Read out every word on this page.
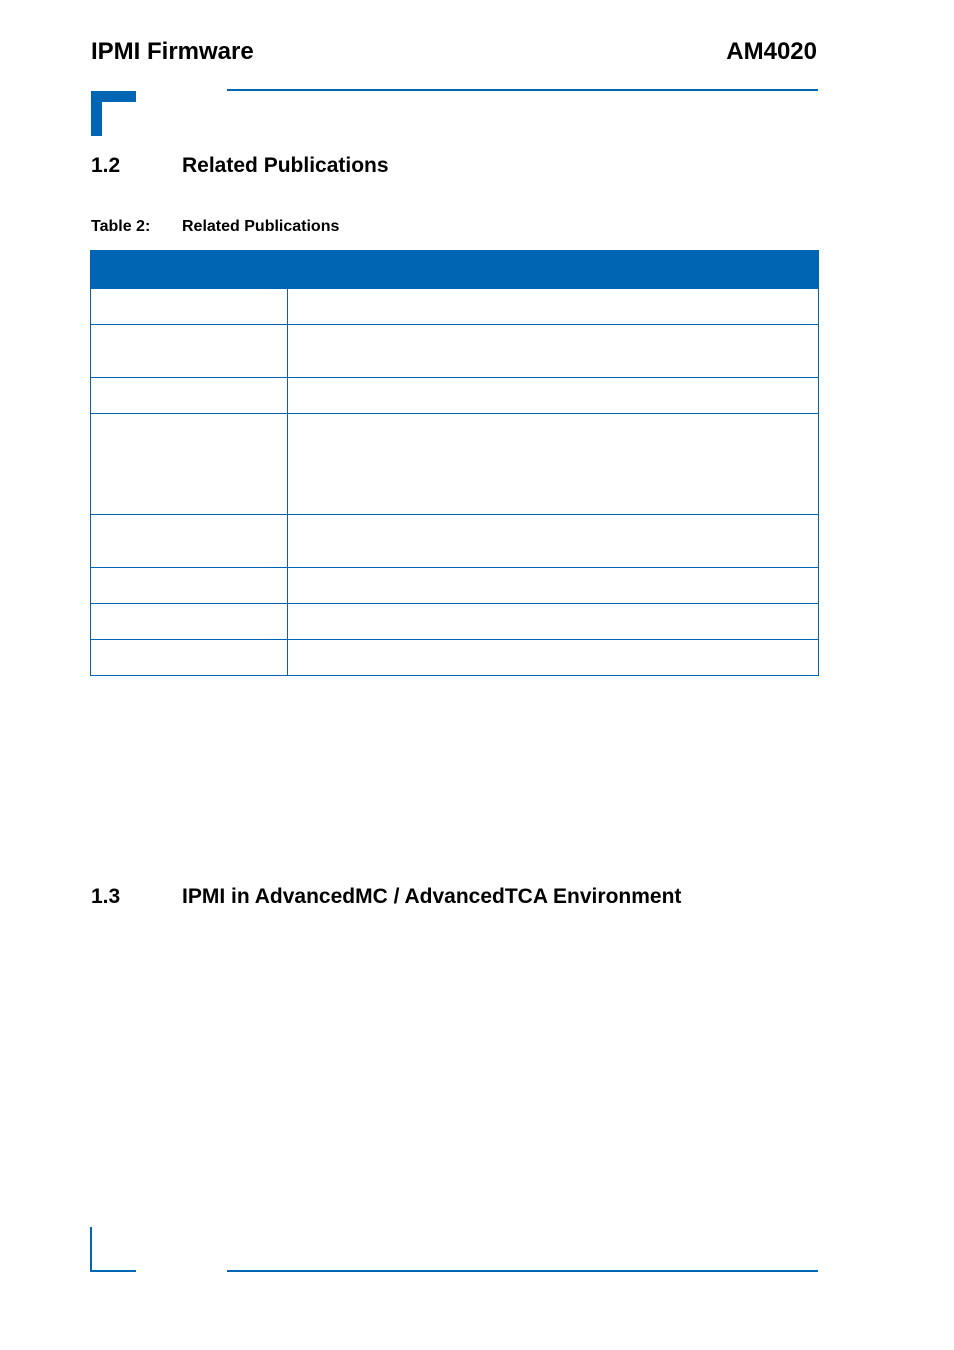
IPMI Firmware	AM4020
1.2	Related Publications
Table 2: Related Publications

1.3	IPMI in AdvancedMC / AdvancedTCA Environment
